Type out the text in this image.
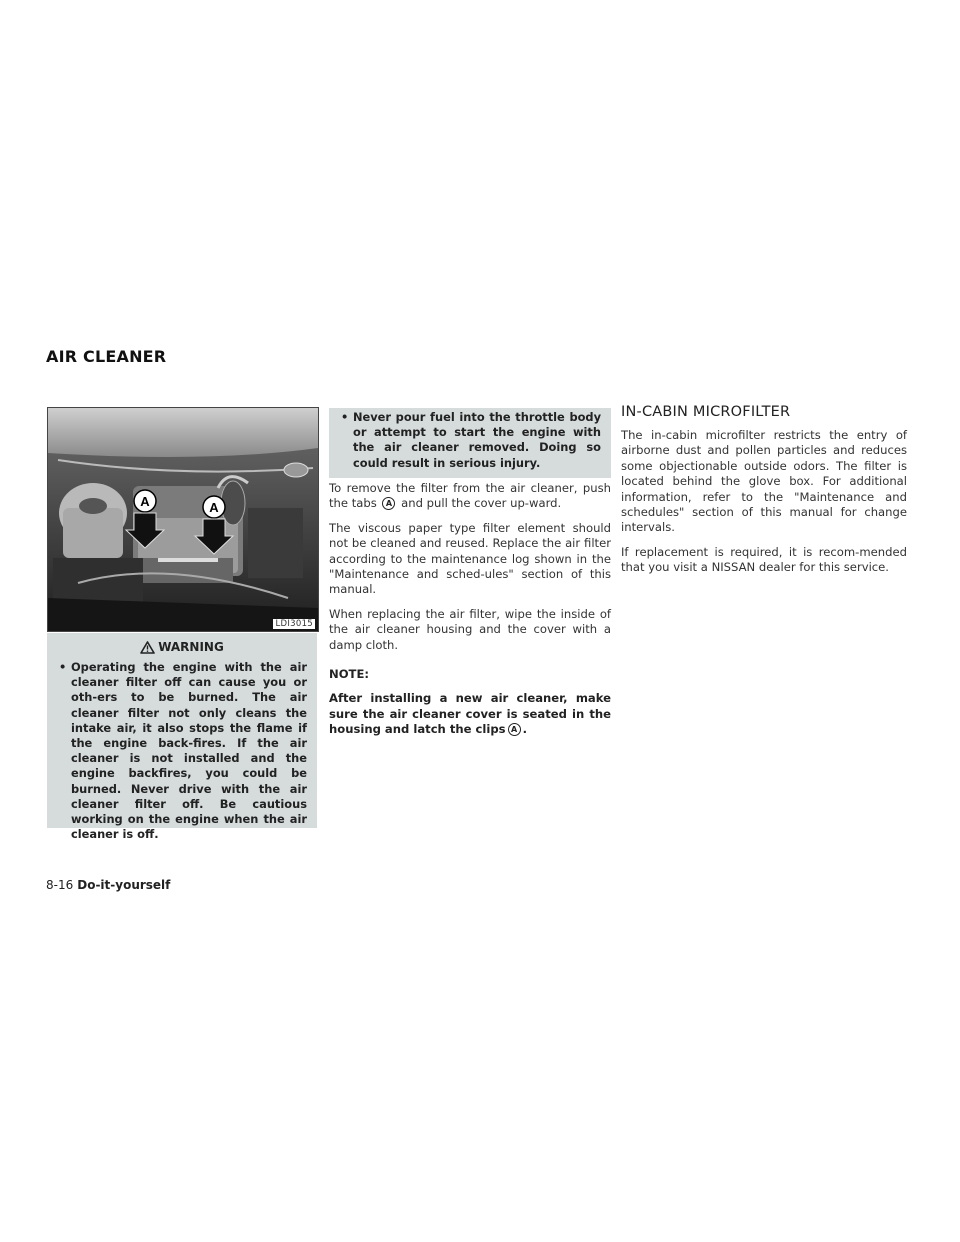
AIR CLEANER
A	A
LDI3015
WARNING
• Operating the engine with the air cleaner filter off can cause you or oth-ers to be burned. The air cleaner filter not only cleans the intake air, it also stops the flame if the engine back-fires. If the air cleaner is not installed and the engine backfires, you could be burned. Never drive with the air cleaner filter off. Be cautious working on the engine when the air cleaner is off.
• Never pour fuel into the throttle body or attempt to start the engine with the air cleaner removed. Doing so could result in serious injury.

To remove the filter from the air cleaner, push the tabs A and pull the cover up-ward.

The viscous paper type filter element should not be cleaned and reused. Replace the air filter according to the maintenance log shown in the "Maintenance and sched-ules" section of this manual.

When replacing the air filter, wipe the inside of the air cleaner housing and the cover with a damp cloth.

NOTE:

After installing a new air cleaner, make sure the air cleaner cover is seated in the housing and latch the clips A .

IN-CABIN MICROFILTER

The in-cabin microfilter restricts the entry of airborne dust and pollen particles and reduces some objectionable outside odors. The filter is located behind the glove box. For additional information, refer to the "Maintenance and schedules" section of this manual for change intervals.

If replacement is required, it is recom-mended that you visit a NISSAN dealer for this service.

8-16 Do-it-yourself
